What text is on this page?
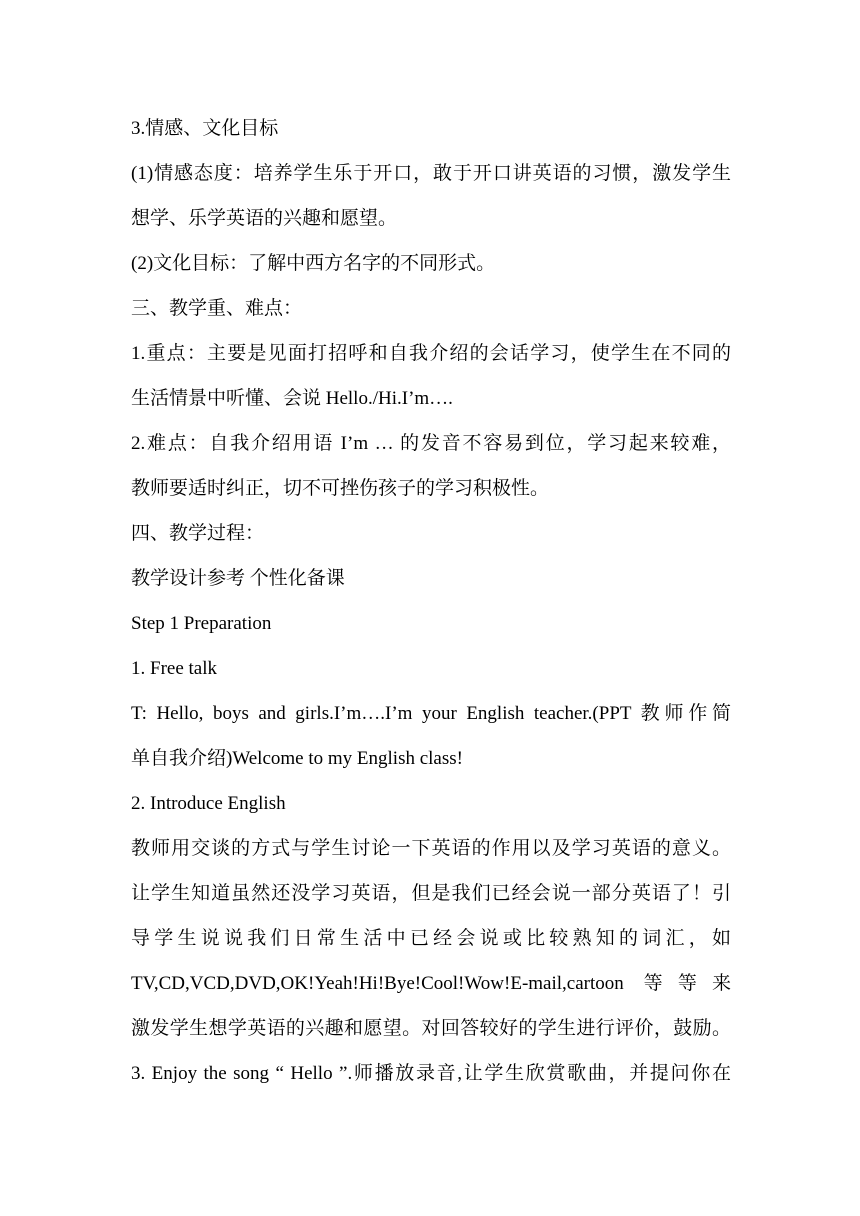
3.情感、文化目标
(1)情感态度：培养学生乐于开口，敢于开口讲英语的习惯，激发学生
想学、乐学英语的兴趣和愿望。
(2)文化目标：了解中西方名字的不同形式。
三、教学重、难点：
1.重点：主要是见面打招呼和自我介绍的会话学习，使学生在不同的
生活情景中听懂、会说 Hello./Hi.I’m….
2.难点：自我介绍用语 I’m … 的发音不容易到位，学习起来较难，
教师要适时纠正，切不可挫伤孩子的学习积极性。
四、教学过程：
教学设计参考 个性化备课
Step 1 Preparation
1. Free talk
T: Hello, boys and girls.I’m….I’m your English teacher.(PPT 教师作简
单自我介绍)Welcome to my English class!
2. Introduce English
教师用交谈的方式与学生讨论一下英语的作用以及学习英语的意义。
让学生知道虽然还没学习英语，但是我们已经会说一部分英语了！引
导学生说说我们日常生活中已经会说或比较熟知的词汇，如
TV,CD,VCD,DVD,OK!Yeah!Hi!Bye!Cool!Wow!E-mail,cartoon 等等来
激发学生想学英语的兴趣和愿望。对回答较好的学生进行评价，鼓励。
3. Enjoy the song “ Hello ”.师播放录音,让学生欣赏歌曲，并提问你在
